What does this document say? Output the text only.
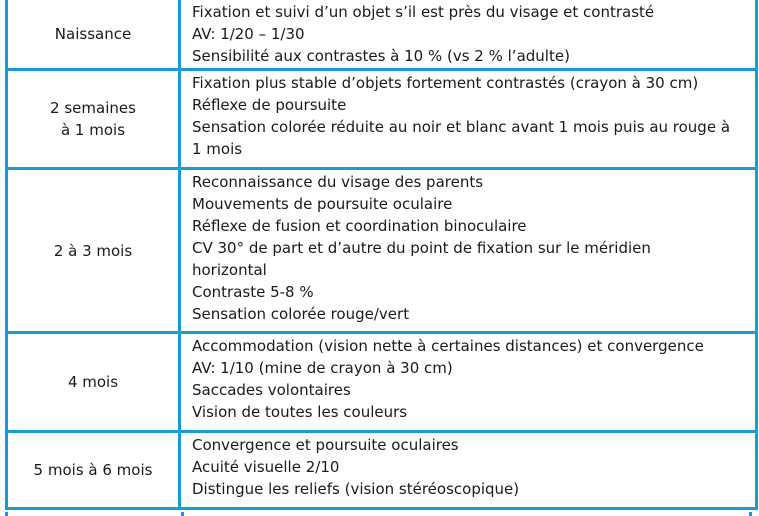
Naissance
Fixation et suivi d’un objet s’il est près du visage et contrasté
AV: 1/20 – 1/30
Sensibilité aux contrastes à 10 % (vs 2 % l’adulte)
2 semaines
à 1 mois
Fixation plus stable d’objets fortement contrastés (crayon à 30 cm)
Réflexe de poursuite
Sensation colorée réduite au noir et blanc avant 1 mois puis au rouge à 1 mois
2 à 3 mois
Reconnaissance du visage des parents
Mouvements de poursuite oculaire
Réflexe de fusion et coordination binoculaire
CV 30° de part et d’autre du point de fixation sur le méridien horizontal
Contraste 5-8 %
Sensation colorée rouge/vert
4 mois
Accommodation (vision nette à certaines distances) et convergence
AV: 1/10 (mine de crayon à 30 cm)
Saccades volontaires
Vision de toutes les couleurs
5 mois à 6 mois
Convergence et poursuite oculaires
Acuité visuelle 2/10
Distingue les reliefs (vision stéréoscopique)
